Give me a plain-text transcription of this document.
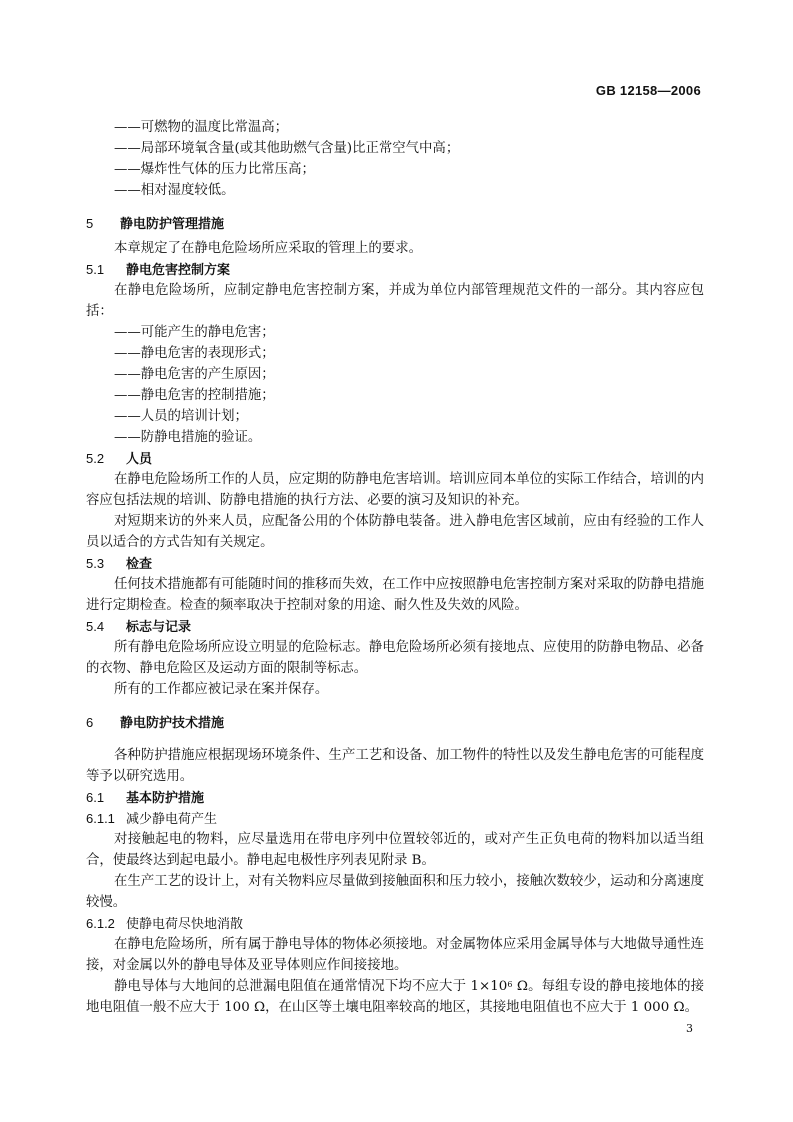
GB 12158—2006
——可燃物的温度比常温高；
——局部环境氧含量(或其他助燃气含量)比正常空气中高；
——爆炸性气体的压力比常压高；
——相对湿度较低。
5 静电防护管理措施
本章规定了在静电危险场所应采取的管理上的要求。
5.1 静电危害控制方案
在静电危险场所，应制定静电危害控制方案，并成为单位内部管理规范文件的一部分。其内容应包括：
——可能产生的静电危害；
——静电危害的表现形式；
——静电危害的产生原因；
——静电危害的控制措施；
——人员的培训计划；
——防静电措施的验证。
5.2 人员
在静电危险场所工作的人员，应定期的防静电危害培训。培训应同本单位的实际工作结合，培训的内容应包括法规的培训、防静电措施的执行方法、必要的演习及知识的补充。
对短期来访的外来人员，应配备公用的个体防静电装备。进入静电危害区域前，应由有经验的工作人员以适合的方式告知有关规定。
5.3 检查
任何技术措施都有可能随时间的推移而失效，在工作中应按照静电危害控制方案对采取的防静电措施进行定期检查。检查的频率取决于控制对象的用途、耐久性及失效的风险。
5.4 标志与记录
所有静电危险场所应设立明显的危险标志。静电危险场所必须有接地点、应使用的防静电物品、必备的衣物、静电危险区及运动方面的限制等标志。
所有的工作都应被记录在案并保存。
6 静电防护技术措施
各种防护措施应根据现场环境条件、生产工艺和设备、加工物件的特性以及发生静电危害的可能程度等予以研究选用。
6.1 基本防护措施
6.1.1 减少静电荷产生
对接触起电的物料，应尽量选用在带电序列中位置较邻近的，或对产生正负电荷的物料加以适当组合，使最终达到起电最小。静电起电极性序列表见附录 B。
在生产工艺的设计上，对有关物料应尽量做到接触面积和压力较小，接触次数较少，运动和分离速度较慢。
6.1.2 使静电荷尽快地消散
在静电危险场所，所有属于静电导体的物体必须接地。对金属物体应采用金属导体与大地做导通性连接，对金属以外的静电导体及亚导体则应作间接接地。
静电导体与大地间的总泄漏电阻值在通常情况下均不应大于 $1\times 10^6$ Ω。每组专设的静电接地体的接地电阻值一般不应大于 100 Ω，在山区等土壤电阻率较高的地区，其接地电阻值也不应大于 1 000 Ω。
3
